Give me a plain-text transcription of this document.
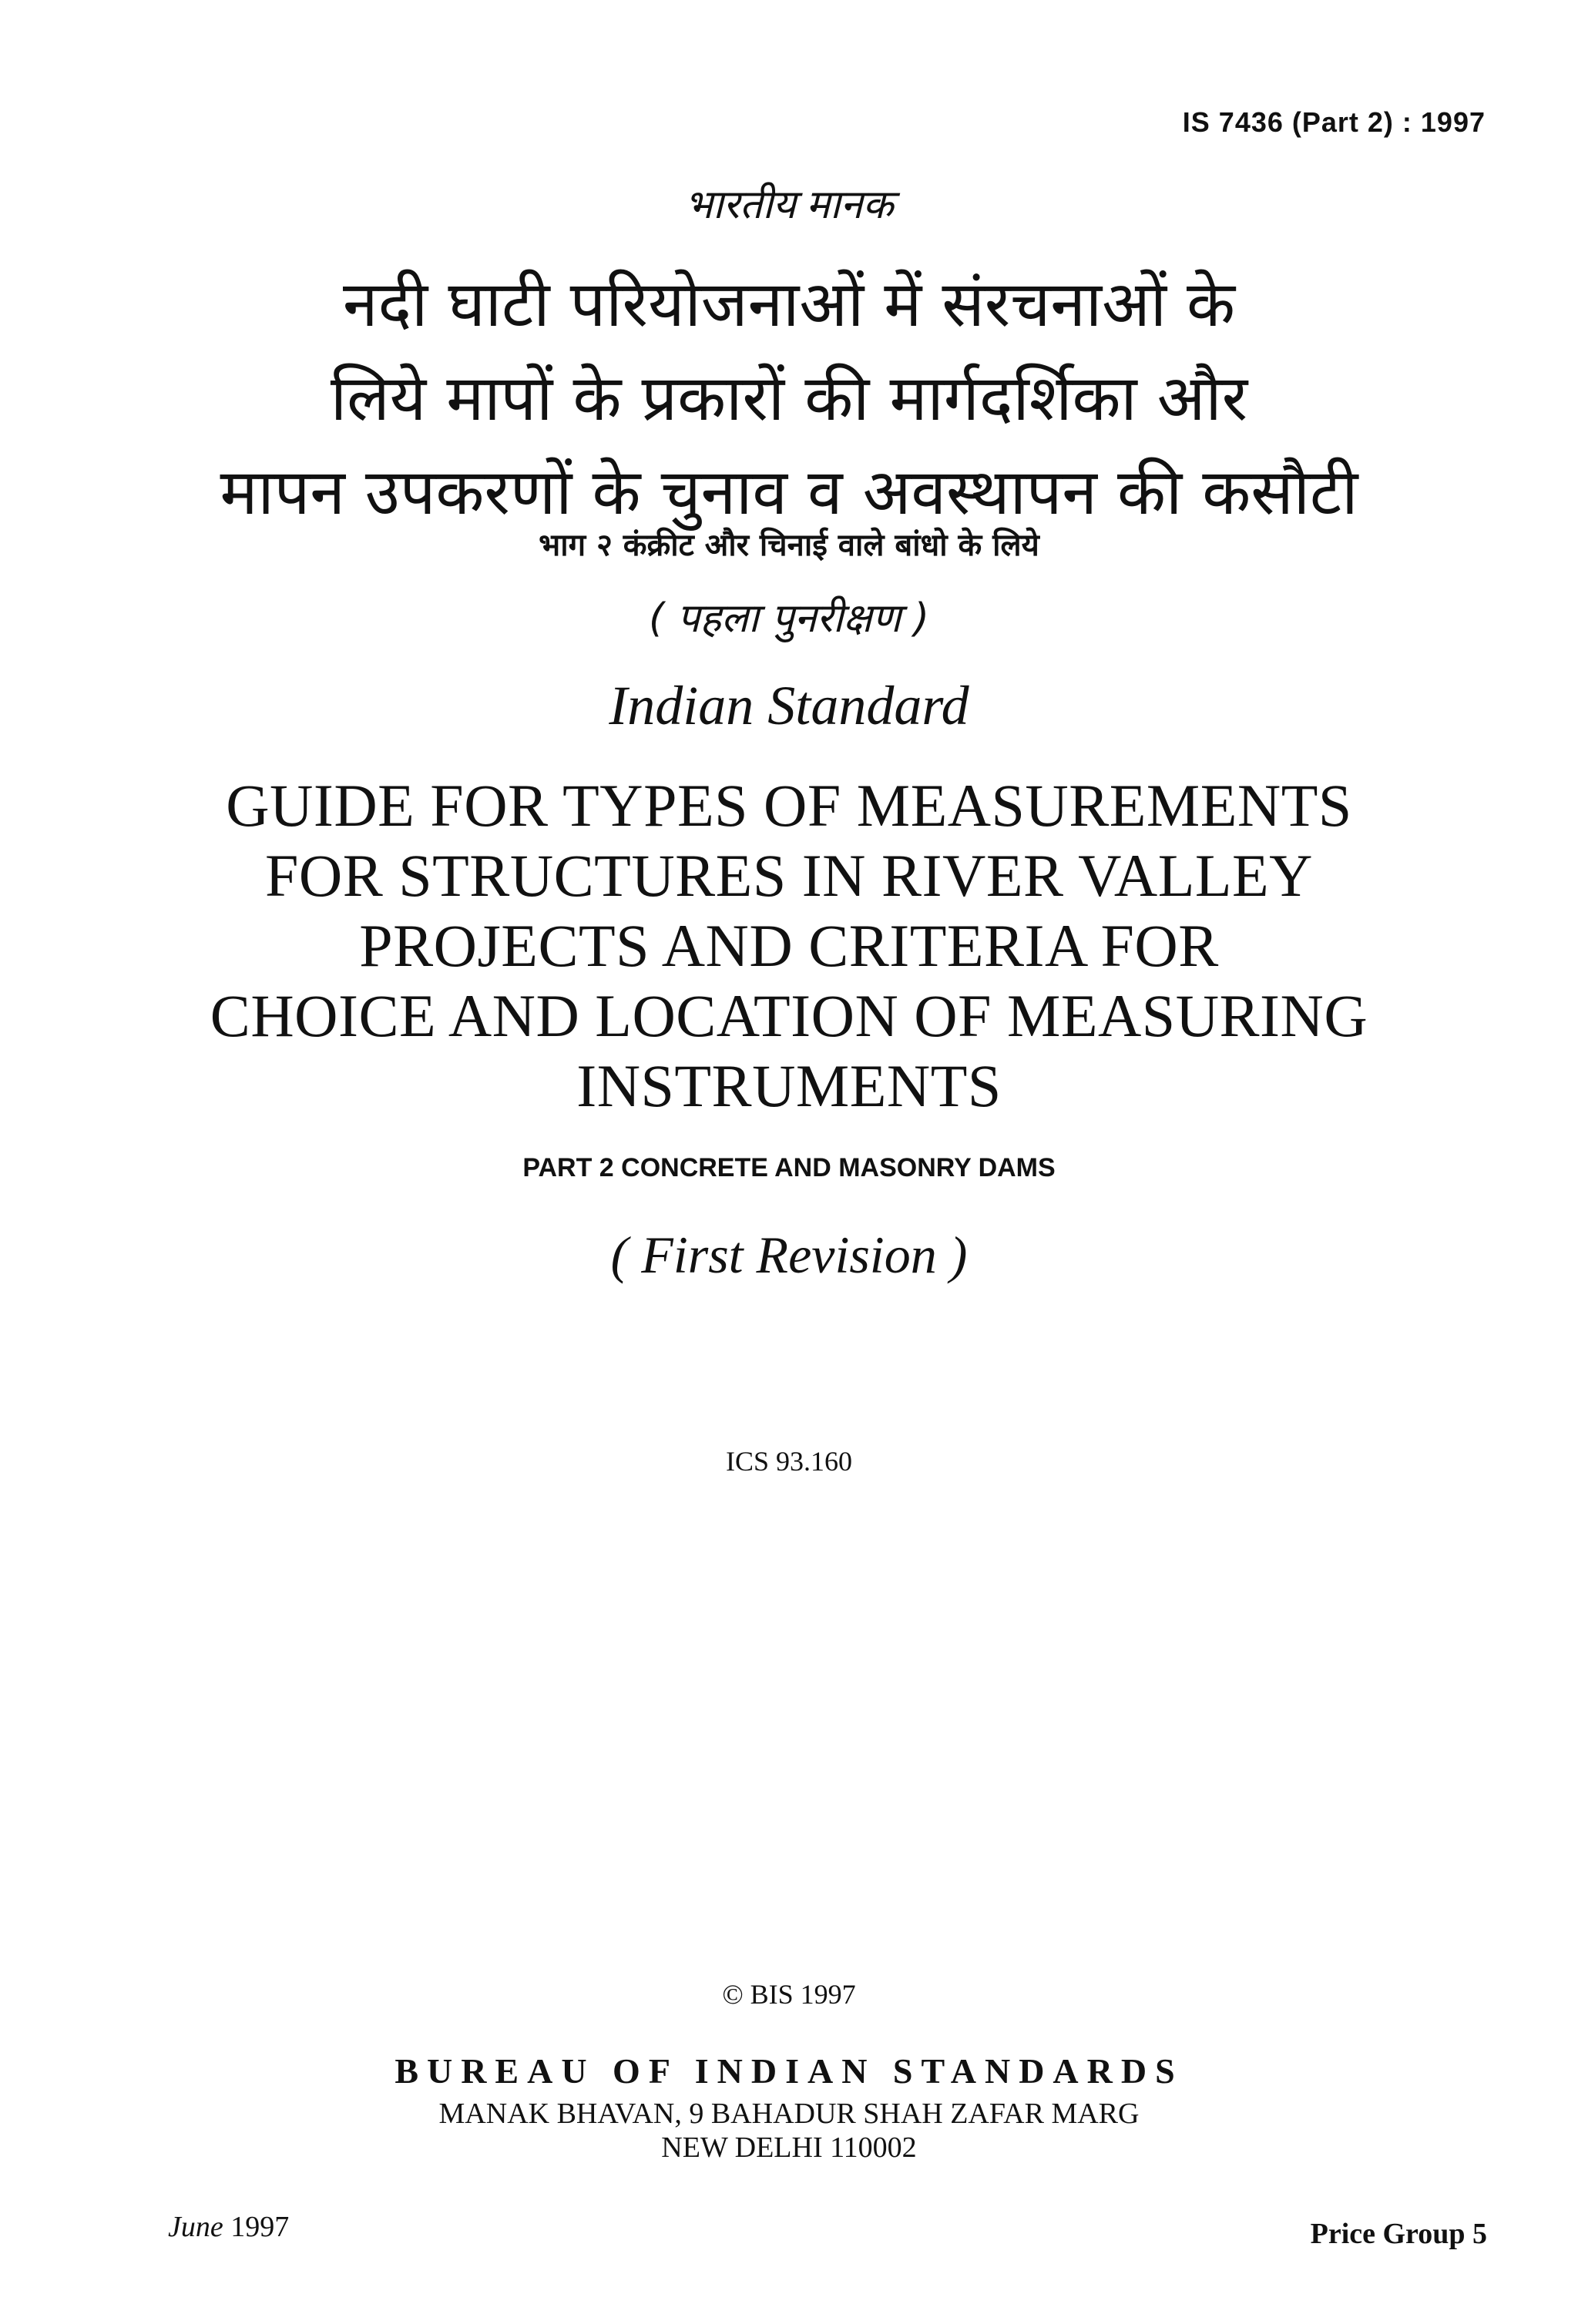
IS 7436 (Part 2) : 1997
भारतीय मानक
नदी घाटी परियोजनाओं में संरचनाओं के
लिये मापों के प्रकारों की मार्गदर्शिका और
मापन उपकरणों के चुनाव व अवस्थापन की कसौटी
भाग २ कंक्रीट और चिनाई वाले बांधो के लिये
( पहला पुनरीक्षण )
Indian Standard
GUIDE FOR TYPES OF MEASUREMENTS
FOR STRUCTURES IN RIVER VALLEY
PROJECTS AND CRITERIA FOR
CHOICE AND LOCATION OF MEASURING
INSTRUMENTS
PART 2 CONCRETE AND MASONRY DAMS
( First Revision )
ICS 93.160
© BIS 1997
BUREAU OF INDIAN STANDARDS
MANAK BHAVAN, 9 BAHADUR SHAH ZAFAR MARG
NEW DELHI 110002
June 1997	Price Group 5
